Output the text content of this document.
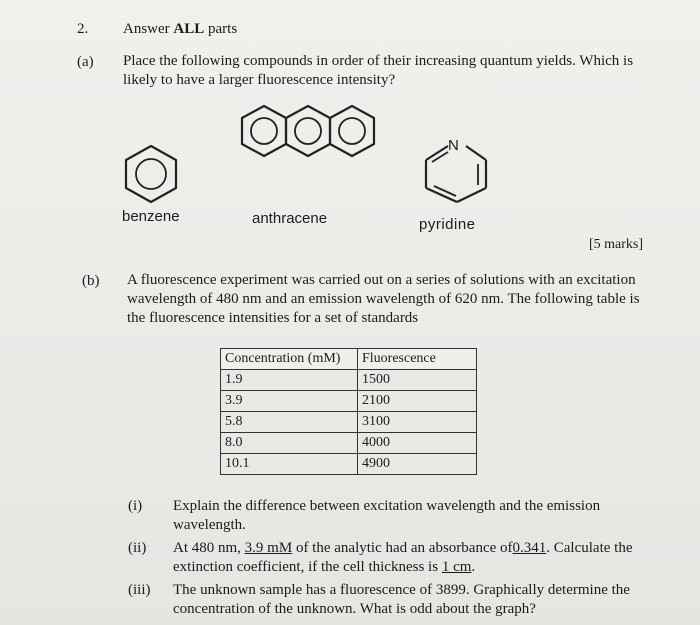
2. Answer ALL parts
(a) Place the following compounds in order of their increasing quantum yields. Which is
likely to have a larger fluorescence intensity?
benzene	anthracene
N
pyridine
[5 marks]
(b) A fluorescence experiment was carried out on a series of solutions with an excitation
wavelength of 480 nm and an emission wavelength of 620 nm. The following table is
the fluorescence intensities for a set of standards
Concentration (mM)	Fluorescence
1.9	1500
3.9	2100
5.8	3100
8.0	4000
10.1	4900
(i) Explain the difference between excitation wavelength and the emission
wavelength.
(ii) At 480 nm, 3.9 mM of the analytic had an absorbance of0.341. Calculate the
extinction coefficient, if the cell thickness is 1 cm.
(iii) The unknown sample has a fluorescence of 3899. Graphically determine the
concentration of the unknown. What is odd about the graph?
